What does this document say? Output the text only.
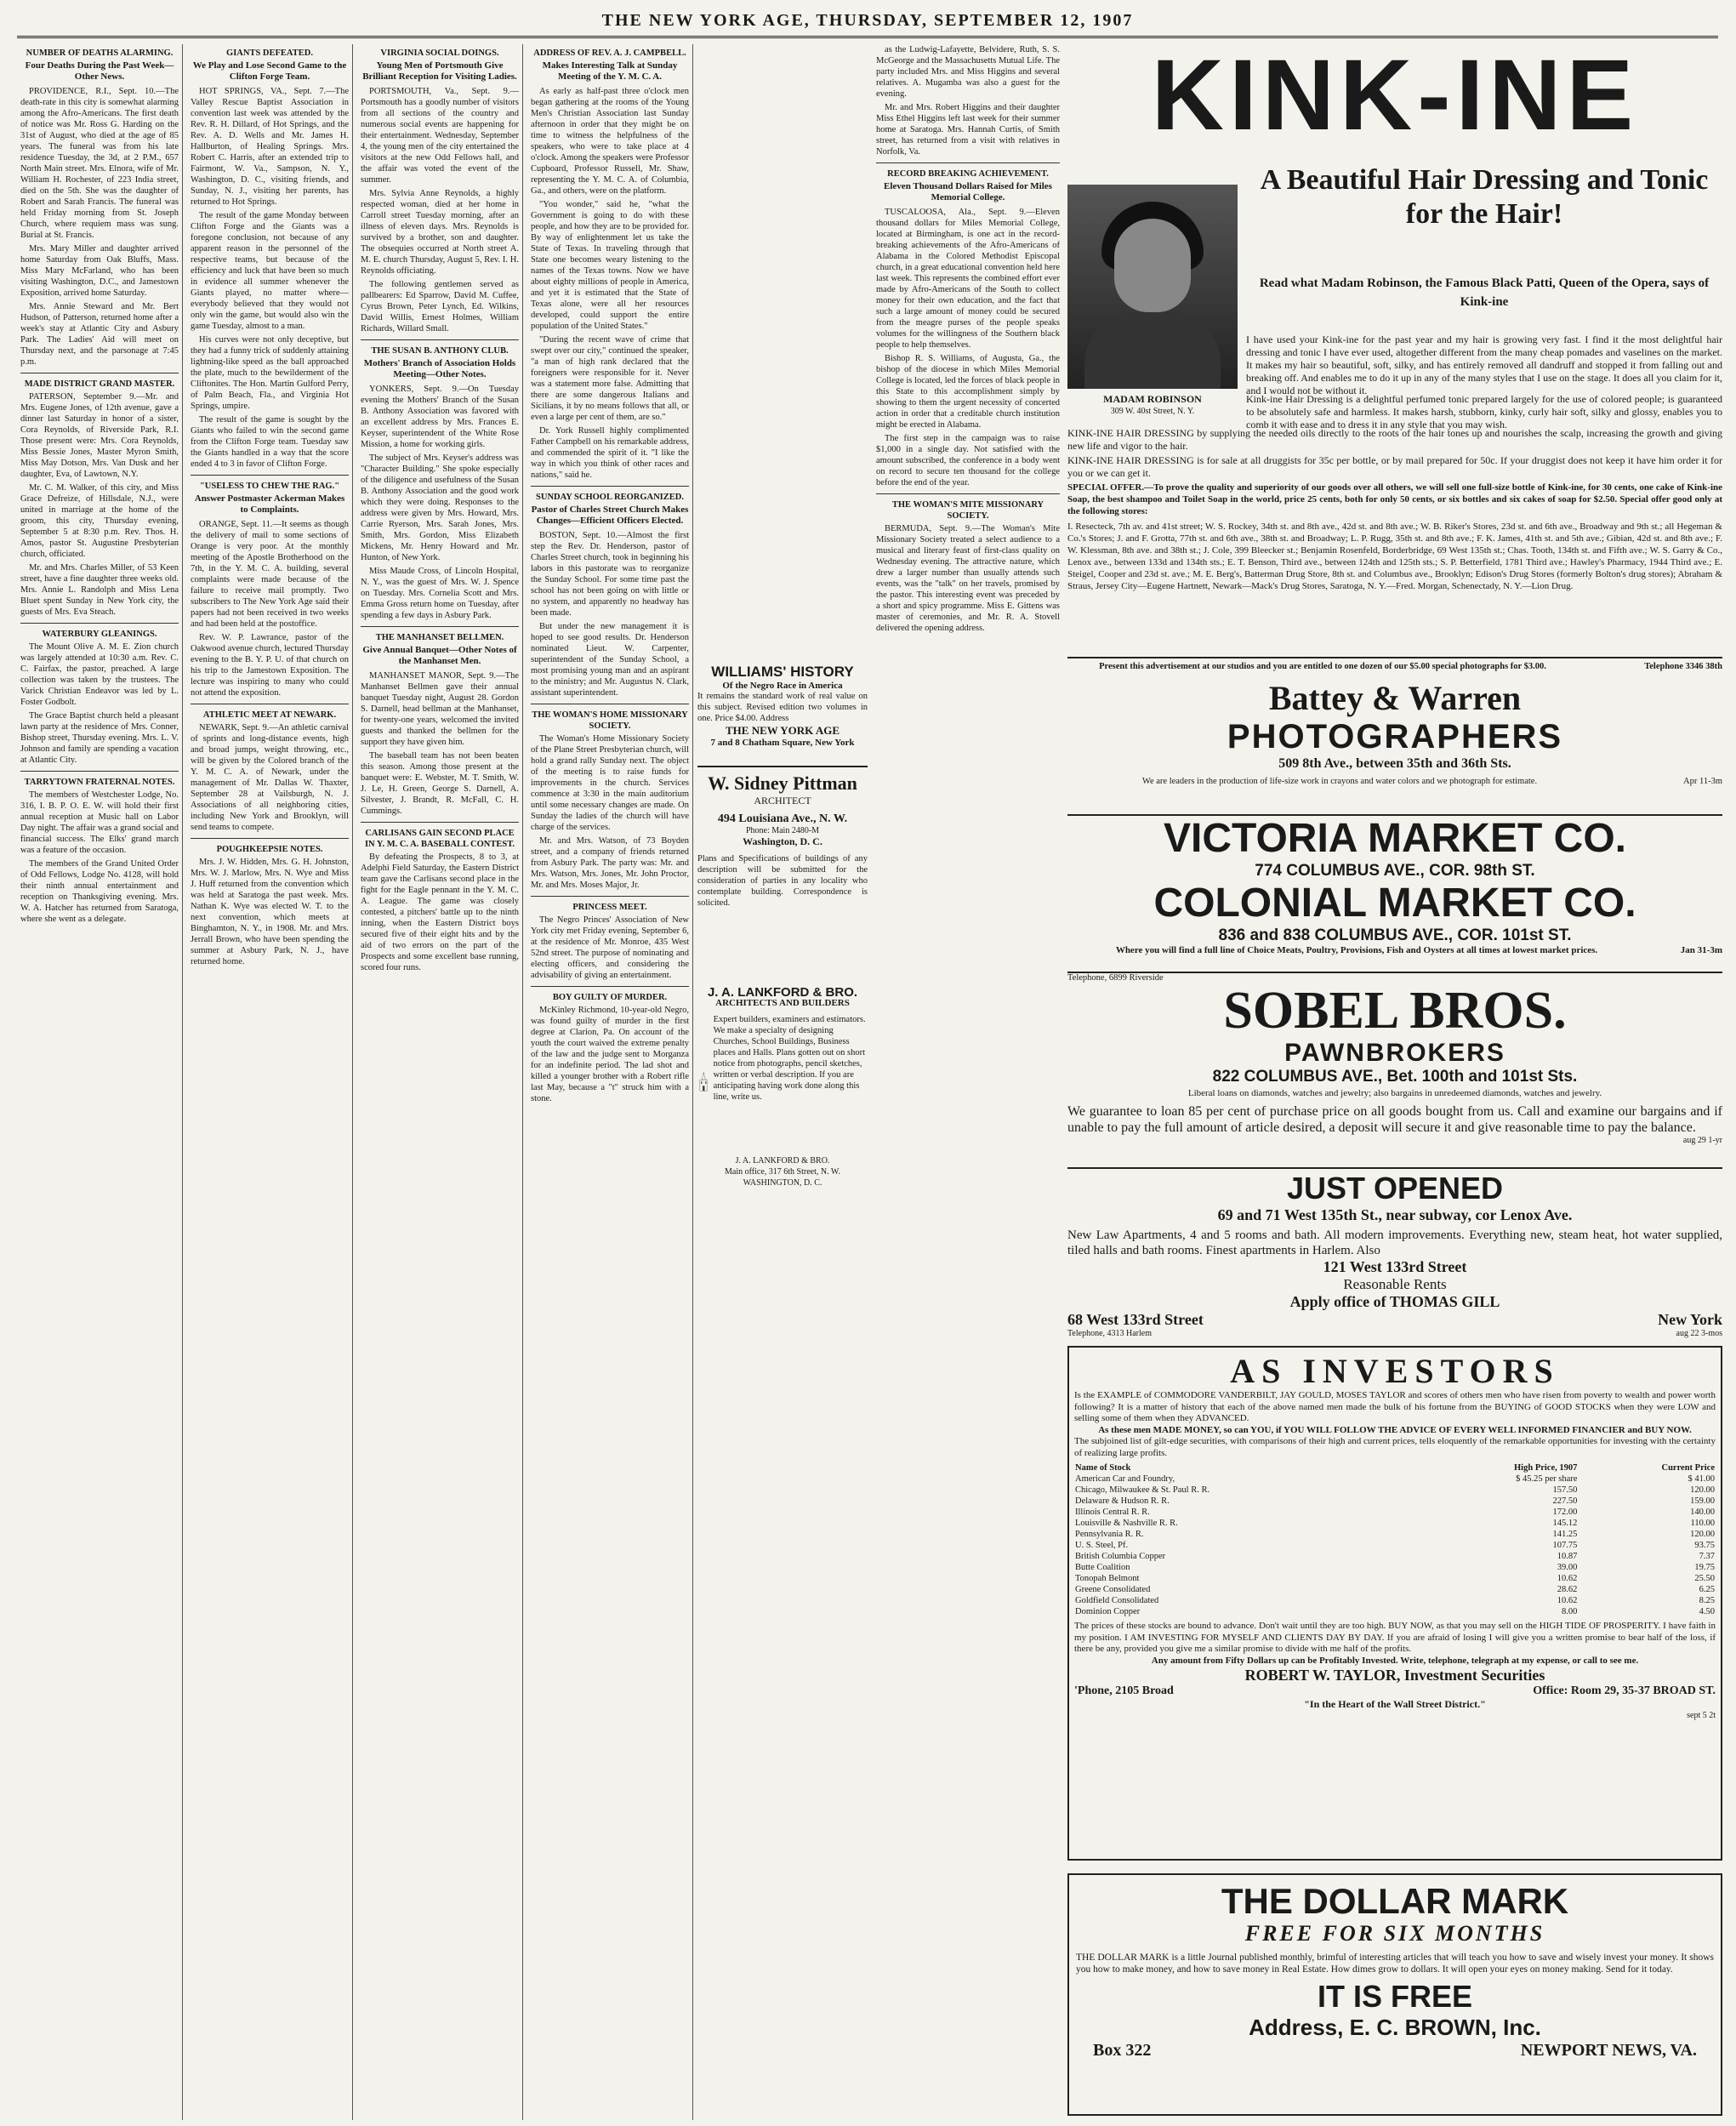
THE NEW YORK AGE, THURSDAY, SEPTEMBER 12, 1907
NUMBER OF DEATHS ALARMING.
Four Deaths During the Past Week—Other News.

PROVIDENCE, R.I., Sept. 10.—The death-rate in this city is somewhat alarming among the Afro-Americans. The first death of notice was Mr. Ross G. Harding on the 31st of August, who died at the age of 85 years. The funeral was from his late residence Tuesday, the 3d, at 2 P.M., 657 North Main street. Mrs. Elnora, wife of Mr. William H. Rochester, of 223 India street, died on the 5th. She was the daughter of Robert and Sarah Francis. The funeral was held Friday morning from St. Joseph Church, where requiem mass was sung. Burial at St. Francis.

Mrs. Mary Miller and daughter arrived home Saturday from Oak Bluffs, Mass. Miss Mary McFarland, who has been visiting Washington, D.C., and Jamestown Exposition, arrived home Saturday.

Mrs. Annie Steward and Mr. Bert Hudson, of Patterson, returned home after a week's stay at Atlantic City and Asbury Park. The Ladies' Aid will meet on Thursday next, and the parsonage at 7:45 p.m.

MADE DISTRICT GRAND MASTER.

PATERSON, September 9.—Mr. and Mrs. Eugene Jones, of 12th avenue, gave a dinner last Saturday in honor of a sister, Cora Reynolds, of Riverside Park, R.I. Those present were: Mrs. Cora Reynolds, Miss Bessie Jones, Master Myron Smith, Miss May Dotson, Mrs. Van Dusk and her daughter, Eva, of Lawtown, N.Y.

Mr. C. M. Walker, of this city, and Miss Grace Defreize, of Hillsdale, N.J., were united in marriage at the home of the groom, this city, Thursday evening, September 5 at 8:30 p.m. Rev. Thos. H. Amos, pastor St. Augustine Presbyterian church, officiated.

Mr. and Mrs. Charles Miller, of 53 Keen street, have a fine daughter three weeks old. Mrs. Annie L. Randolph and Miss Lena Bluet spent Sunday in New York city, the guests of Mrs. Eva Steach.

WATERBURY GLEANINGS.

The Mount Olive A. M. E. Zion church was largely attended at 10:30 a.m. Rev. C. C. Fairfax, the pastor, preached. A large collection was taken by the trustees. The Varick Christian Endeavor was led by L. Foster Godbolt.

The Grace Baptist church held a pleasant lawn party at the residence of Mrs. Conner, Bishop street, Thursday evening. Mrs. L. V. Johnson and family are spending a vacation at Atlantic City.

TARRYTOWN FRATERNAL NOTES.

The members of Westchester Lodge, No. 316, I. B. P. O. E. W. will hold their first annual reception at Music hall on Labor Day night. The affair was a grand social and financial success. The Elks' grand march was a feature of the occasion.

The members of the Grand United Order of Odd Fellows, Lodge No. 4128, will hold their ninth annual entertainment and reception on Thanksgiving evening. Mrs. W. A. Hatcher has returned from Saratoga, where she went as a delegate.

GIANTS DEFEATED.
We Play and Lose Second Game to the Clifton Forge Team.

HOT SPRINGS, VA., Sept. 7.—The Valley Rescue Baptist Association in convention last week was attended by the Rev. R. H. Dillard, of Hot Springs, and the Rev. A. D. Wells and Mr. James H. Hallburton, of Healing Springs. Mrs. Robert C. Harris, after an extended trip to Fairmont, W. Va., Sampson, N. Y., Washington, D. C., visiting friends, and Sunday, N. J., visiting her parents, has returned to Hot Springs.

The result of the game Monday between Clifton Forge and the Giants was a foregone conclusion, not because of any apparent reason in the personnel of the respective teams, but because of the efficiency and luck that have been so much in evidence all summer whenever the Giants played, no matter where—everybody believed that they would not only win the game, but would also win the game Tuesday, almost to a man.

His curves were not only deceptive, but they had a funny trick of suddenly attaining lightning-like speed as the ball approached the plate, much to the bewilderment of the Cliftonites. The Hon. Martin Gulford Perry, of Palm Beach, Fla., and Virginia Hot Springs, umpire.

The result of the game is sought by the Giants who failed to win the second game from the Clifton Forge team. Tuesday saw the Giants handled in a way that the score ended 4 to 3 in favor of Clifton Forge.

"USELESS TO CHEW THE RAG."
Answer Postmaster Ackerman Makes to Complaints.

ORANGE, Sept. 11.—It seems as though the delivery of mail to some sections of Orange is very poor. At the monthly meeting of the Apostle Brotherhood on the 7th, in the Y. M. C. A. building, several complaints were made because of the failure to receive mail promptly. Two subscribers to The New York Age said their papers had not been received in two weeks and had been held at the postoffice.

Rev. W. P. Lawrance, pastor of the Oakwood avenue church, lectured Thursday evening to the B. Y. P. U. of that church on his trip to the Jamestown Exposition. The lecture was inspiring to many who could not attend the exposition.

ATHLETIC MEET AT NEWARK.

NEWARK, Sept. 9.—An athletic carnival of sprints and long-distance events, high and broad jumps, weight throwing, etc., will be given by the Colored branch of the Y. M. C. A. of Newark, under the management of Mr. Dallas W. Thaxter, September 28 at Vailsburgh, N. J. Associations of all neighboring cities, including New York and Brooklyn, will send teams to compete.

POUGHKEEPSIE NOTES.

Mrs. J. W. Hidden, Mrs. G. H. Johnston, Mrs. W. J. Marlow, Mrs. N. Wye and Miss J. Huff returned from the convention which was held at Saratoga the past week. Mrs. Nathan K. Wye was elected W. T. to the next convention, which meets at Binghamton, N. Y., in 1908. Mr. and Mrs. Jerrall Brown, who have been spending the summer at Asbury Park, N. J., have returned home.

VIRGINIA SOCIAL DOINGS.
Young Men of Portsmouth Give Brilliant Reception for Visiting Ladies.

PORTSMOUTH, Va., Sept. 9.—Portsmouth has a goodly number of visitors from all sections of the country and numerous social events are happening for their entertainment. Wednesday, September 4, the young men of the city entertained the visitors at the new Odd Fellows hall, and the affair was voted the event of the summer.

Mrs. Sylvia Anne Reynolds, a highly respected woman, died at her home in Carroll street Tuesday morning, after an illness of eleven days. Mrs. Reynolds is survived by a brother, son and daughter. The obsequies occurred at North street A. M. E. church Thursday, August 5, Rev. I. H. Reynolds officiating.

The following gentlemen served as pallbearers: Ed Sparrow, David M. Cuffee, Cyrus Brown, Peter Lynch, Ed. Wilkins, David Willis, Ernest Holmes, William Richards, Willard Small.

THE SUSAN B. ANTHONY CLUB.
Mothers' Branch of Association Holds Meeting—Other Notes.

YONKERS, Sept. 9.—On Tuesday evening the Mothers' Branch of the Susan B. Anthony Association was favored with an excellent address by Mrs. Frances E. Keyser, superintendent of the White Rose Mission, a home for working girls.

The subject of Mrs. Keyser's address was "Character Building." She spoke especially of the diligence and usefulness of the Susan B. Anthony Association and the good work which they were doing. Responses to the address were given by Mrs. Howard, Mrs. Carrie Ryerson, Mrs. Sarah Jones, Mrs. Smith, Mrs. Gordon, Miss Elizabeth Mickens, Mr. Henry Howard and Mr. Hunton, of New York.

Miss Maude Cross, of Lincoln Hospital, N. Y., was the guest of Mrs. W. J. Spence on Tuesday. Mrs. Cornelia Scott and Mrs. Emma Gross return home on Tuesday, after spending a few days in Asbury Park.

THE MANHANSET BELLMEN.
Give Annual Banquet—Other Notes of the Manhanset Men.

MANHANSET MANOR, Sept. 9.—The Manhanset Bellmen gave their annual banquet Tuesday night, August 28. Gordon S. Darnell, head bellman at the Manhanset, for twenty-one years, welcomed the invited guests and thanked the bellmen for the support they have given him.

The baseball team has not been beaten this season. Among those present at the banquet were: E. Webster, M. T. Smith, W. J. Le, H. Green, George S. Darnell, A. Silvester, J. Brandt, R. McFall, C. H. Cummings.

CARLISANS GAIN SECOND PLACE IN Y. M. C. A. BASEBALL CONTEST.

By defeating the Prospects, 8 to 3, at Adelphi Field Saturday, the Eastern District team gave the Carlisans second place in the fight for the Eagle pennant in the Y. M. C. A. League. The game was closely contested, a pitchers' battle up to the ninth inning, when the Eastern District boys secured five of their eight hits and by the aid of two errors on the part of the Prospects and some excellent base running, scored four runs.

ADDRESS OF REV. A. J. CAMPBELL.
Makes Interesting Talk at Sunday Meeting of the Y. M. C. A.

As early as half-past three o'clock men began gathering at the rooms of the Young Men's Christian Association last Sunday afternoon in order that they might be on time to witness the helpfulness of the speakers, who were to take place at 4 o'clock. Among the speakers were Professor Cupboard, Professor Russell, Mr. Shaw, representing the Y. M. C. A. of Columbia, Ga., and others, were on the platform.

"You wonder," said he, "what the Government is going to do with these people, and how they are to be provided for. By way of enlightenment let us take the State of Texas. In traveling through that State one becomes weary listening to the names of the Texas towns. Now we have about eighty millions of people in America, and yet it is estimated that the State of Texas alone, were all her resources developed, could support the entire population of the United States."

"During the recent wave of crime that swept over our city," continued the speaker, "a man of high rank declared that the foreigners were responsible for it. Never was a statement more false. Admitting that there are some dangerous Italians and Sicilians, it by no means follows that all, or even a large per cent of them, are so."

Dr. York Russell highly complimented Father Campbell on his remarkable address, and commended the spirit of it. "I like the way in which you think of other races and nations," said he.

SUNDAY SCHOOL REORGANIZED.
Pastor of Charles Street Church Makes Changes—Efficient Officers Elected.

BOSTON, Sept. 10.—Almost the first step the Rev. Dr. Henderson, pastor of Charles Street church, took in beginning his labors in this pastorate was to reorganize the Sunday School. For some time past the school has not been going on with little or no system, and apparently no headway has been made.

But under the new management it is hoped to see good results. Dr. Henderson nominated Lieut. W. Carpenter, superintendent of the Sunday School, a most promising young man and an aspirant to the ministry; and Mr. Augustus N. Clark, assistant superintendent.

THE WOMAN'S HOME MISSIONARY SOCIETY.

The Woman's Home Missionary Society of the Plane Street Presbyterian church, will hold a grand rally Sunday next. The object of the meeting is to raise funds for improvements in the church. Services commence at 3:30 in the main auditorium until some necessary changes are made. On Sunday the ladies of the church will have charge of the services.

Mr. and Mrs. Watson, of 73 Boyden street, and a company of friends returned from Asbury Park. The party was: Mr. and Mrs. Watson, Mrs. Jones, Mr. John Proctor, Mr. and Mrs. Moses Major, Jr.

PRINCESS MEET.

The Negro Princes' Association of New York city met Friday evening, September 6, at the residence of Mr. Monroe, 435 West 52nd street. The purpose of nominating and electing officers, and considering the advisability of giving an entertainment.

BOY GUILTY OF MURDER.

McKinley Richmond, 10-year-old Negro, was found guilty of murder in the first degree at Clarion, Pa. On account of the youth the court waived the extreme penalty of the law and the judge sent to Morganza for an indefinite period. The lad shot and killed a younger brother with a Robert rifle last May, because a "t" struck him with a stone.

as the Ludwig-Lafayette, Belvidere, Ruth, S. S. McGeorge and the Massachusetts Mutual Life. The party included Mrs. and Miss Higgins and several relatives. A. Mugamba was also a guest for the evening.

Mr. and Mrs. Robert Higgins and their daughter Miss Ethel Higgins left last week for their summer home at Saratoga. Mrs. Hannah Curtis, of Smith street, has returned from a visit with relatives in Norfolk, Va.

RECORD BREAKING ACHIEVEMENT.
Eleven Thousand Dollars Raised for Miles Memorial College.

TUSCALOOSA, Ala., Sept. 9.—Eleven thousand dollars for Miles Memorial College, located at Birmingham, is one act in the record-breaking achievements of the Afro-Americans of Alabama in the Colored Methodist Episcopal church, in a great educational convention held here last week. This represents the combined effort ever made by Afro-Americans of the South to collect money for their own education, and the fact that such a large amount of money could be secured from the meagre purses of the people speaks volumes for the willingness of the Southern black people to help themselves.

Bishop R. S. Williams, of Augusta, Ga., the bishop of the diocese in which Miles Memorial College is located, led the forces of black people in this State to this accomplishment simply by showing to them the urgent necessity of concerted action in order that a creditable church institution might be erected in Alabama.

The first step in the campaign was to raise $1,000 in a single day. Not satisfied with the amount subscribed, the conference in a body went on record to secure ten thousand for the college before the end of the year.

THE WOMAN'S MITE MISSIONARY SOCIETY.

BERMUDA, Sept. 9.—The Woman's Mite Missionary Society treated a select audience to a musical and literary feast of first-class quality on Wednesday evening. The attractive nature, which drew a larger number than usually attends such events, was the "talk" on her travels, promised by the pastor. This interesting event was preceded by a short and spicy programme. Miss E. Gittens was master of ceremonies, and Mr. R. A. Stovell delivered the opening address.

J. A. LANKFORD & BRO.
ARCHITECTS AND BUILDERS
Expert builders, examiners and estimators. We make a specialty of designing Churches, School Buildings, Business places and Halls. Plans gotten out on short notice from photographs, pencil sketches, written or verbal description. If you are anticipating having work done along this line, write us.
J. A. LANKFORD & BRO.
Main office, 317 6th Street, N. W.
WASHINGTON, D. C.
WILLIAMS' HISTORY
Of the Negro Race in America
It remains the standard work of real value on this subject. Revised edition two volumes in one. Price $4.00. Address
THE NEW YORK AGE
7 and 8 Chatham Square, New York
W. Sidney Pittman
ARCHITECT
494 Louisiana Ave., N. W.
Phone: Main 2480-M
Washington, D. C.
Plans and Specifications of buildings of any description will be submitted for the consideration of parties in any locality who contemplate building. Correspondence is solicited.
KINK-INE
A Beautiful Hair Dressing and Tonic for the Hair!
Read what Madam Robinson, the Famous Black Patti, Queen of the Opera, says of Kink-ine
MADAM ROBINSON
309 W. 40st Street, N. Y.
I have used your Kink-ine for the past year and my hair is growing very fast. I find it the most delightful hair dressing and tonic I have ever used, altogether different from the many cheap pomades and vaselines on the market. It makes my hair so beautiful, soft, silky, and has entirely removed all dandruff and stopped it from falling out and breaking off. And enables me to do it up in any of the many styles that I use on the stage. It does all you claim for it, and I would not be without it.
Kink-ine Hair Dressing is a delightful perfumed tonic prepared largely for the use of colored people; is guaranteed to be absolutely safe and harmless. It makes harsh, stubborn, kinky, curly hair soft, silky and glossy, enables you to comb it with ease and to dress it in any style that you may wish.
KINK-INE HAIR DRESSING by supplying the needed oils directly to the roots of the hair tones up and nourishes the scalp, increasing the growth and giving new life and vigor to the hair.
KINK-INE HAIR DRESSING is for sale at all druggists for 35c per bottle, or by mail prepared for 50c. If your druggist does not keep it have him order it for you or we can get it.
SPECIAL OFFER.—To prove the quality and superiority of our goods over all others, we will sell one full-size bottle of Kink-ine, for 30 cents, one cake of Kink-ine Soap, the best shampoo and Toilet Soap in the world, price 25 cents, both for only 50 cents, or six bottles and six cakes of soap for $2.50. Special offer good only at the following stores:
I. Resecteck, 7th av. and 41st street; W. S. Rockey, 34th st. and 8th ave., 42d st. and 8th ave.; W. B. Riker's Stores, 23d st. and 6th ave., Broadway and 9th st.; all Hegeman & Co.'s Stores; J. and F. Grotta, 77th st. and 6th ave., 38th st. and Broadway; L. P. Rugg, 35th st. and 8th ave.; F. K. James, 41th st. and 5th ave.; Gibian, 42d st. and 8th ave.; F. W. Klessman, 8th ave. and 38th st.; J. Cole, 399 Bleecker st.; Benjamin Rosenfeld, Borderbridge, 69 West 135th st.; Chas. Tooth, 134th st. and Fifth ave.; W. S. Garry & Co., Lenox ave., between 133d and 134th sts.; E. T. Benson, Third ave., between 124th and 125th sts.; S. P. Betterfield, 1781 Third ave.; Hawley's Pharmacy, 1944 Third ave.; E. Steigel, Cooper and 23d st. ave.; M. E. Berg's, Batterman Drug Store, 8th st. and Columbus ave., Brooklyn; Edison's Drug Stores (formerly Bolton's drug stores); Abraham & Straus, Jersey City—Eugene Hartnett, Newark—Mack's Drug Stores, Saratoga, N. Y.—Fred. Morgan, Schenectady, N. Y.—Lion Drug.
Present this advertisement at our studios and you are entitled to one dozen of our $5.00 special photographs for $3.00.	Telephone 3346 38th
Battey & Warren
PHOTOGRAPHERS
509 8th Ave., between 35th and 36th Sts.
We are leaders in the production of life-size work in crayons and water colors and we photograph for estimate.	Apr 11-3m
VICTORIA MARKET CO.
774 COLUMBUS AVE., COR. 98th ST.
COLONIAL MARKET CO.
836 and 838 COLUMBUS AVE., COR. 101st ST.
Where you will find a full line of Choice Meats, Poultry, Provisions, Fish and Oysters at all times at lowest market prices.	Jan 31-3m
Telephone, 6899 Riverside
SOBEL BROS.
PAWNBROKERS
822 COLUMBUS AVE., Bet. 100th and 101st Sts.
Liberal loans on diamonds, watches and jewelry; also bargains in unredeemed diamonds, watches and jewelry.
We guarantee to loan 85 per cent of purchase price on all goods bought from us. Call and examine our bargains and if unable to pay the full amount of article desired, a deposit will secure it and give reasonable time to pay the balance.
aug 29 1-yr
JUST OPENED
69 and 71 West 135th St., near subway, cor Lenox Ave.
New Law Apartments, 4 and 5 rooms and bath. All modern improvements. Everything new, steam heat, hot water supplied, tiled halls and bath rooms. Finest apartments in Harlem. Also
121 West 133rd Street
Reasonable Rents
Apply office of THOMAS GILL
68 West 133rd Street	New York
Telephone, 4313 Harlem	aug 22 3-mos
AS INVESTORS
Is the EXAMPLE of COMMODORE VANDERBILT, JAY GOULD, MOSES TAYLOR and scores of others men who have risen from poverty to wealth and power worth following? It is a matter of history that each of the above named men made the bulk of his fortune from the BUYING of GOOD STOCKS when they were LOW and selling some of them when they ADVANCED.
As these men MADE MONEY, so can YOU, if YOU WILL FOLLOW THE ADVICE OF EVERY WELL INFORMED FINANCIER and BUY NOW.
The subjoined list of gilt-edge securities, with comparisons of their high and current prices, tells eloquently of the remarkable opportunities for investing with the certainty of realizing large profits.
Name of Stock	High Price, 1907	Current Price
American Car and Foundry,	$ 45.25 per share	$ 41.00
Chicago, Milwaukee & St. Paul R. R.	157.50	120.00
Delaware & Hudson R. R.	227.50	159.00
Illinois Central R. R.	172.00	140.00
Louisville & Nashville R. R.	145.12	110.00
Pennsylvania R. R.	141.25	120.00
U. S. Steel, Pf.	107.75	93.75
British Columbia Copper	10.87	7.37
Butte Coalition	39.00	19.75
Tonopah Belmont	10.62	25.50
Greene Consolidated	28.62	6.25
Goldfield Consolidated	10.62	8.25
Dominion Copper	8.00	4.50
The prices of these stocks are bound to advance. Don't wait until they are too high. BUY NOW, as that you may sell on the HIGH TIDE OF PROSPERITY. I have faith in my position. I AM INVESTING FOR MYSELF AND CLIENTS DAY BY DAY. If you are afraid of losing I will give you a written promise to bear half of the loss, if there be any, provided you give me a similar promise to divide with me half of the profits.
Any amount from Fifty Dollars up can be Profitably Invested. Write, telephone, telegraph at my expense, or call to see me.
ROBERT W. TAYLOR, Investment Securities
'Phone, 2105 Broad	Office: Room 29, 35-37 BROAD ST.
"In the Heart of the Wall Street District."
sept 5 2t
THE DOLLAR MARK
FREE FOR SIX MONTHS
THE DOLLAR MARK is a little Journal published monthly, brimful of interesting articles that will teach you how to save and wisely invest your money. It shows you how to make money, and how to save money in Real Estate. How dimes grow to dollars. It will open your eyes on money making. Send for it today.
IT IS FREE
Address, E. C. BROWN, Inc.
Box 322	NEWPORT NEWS, VA.
